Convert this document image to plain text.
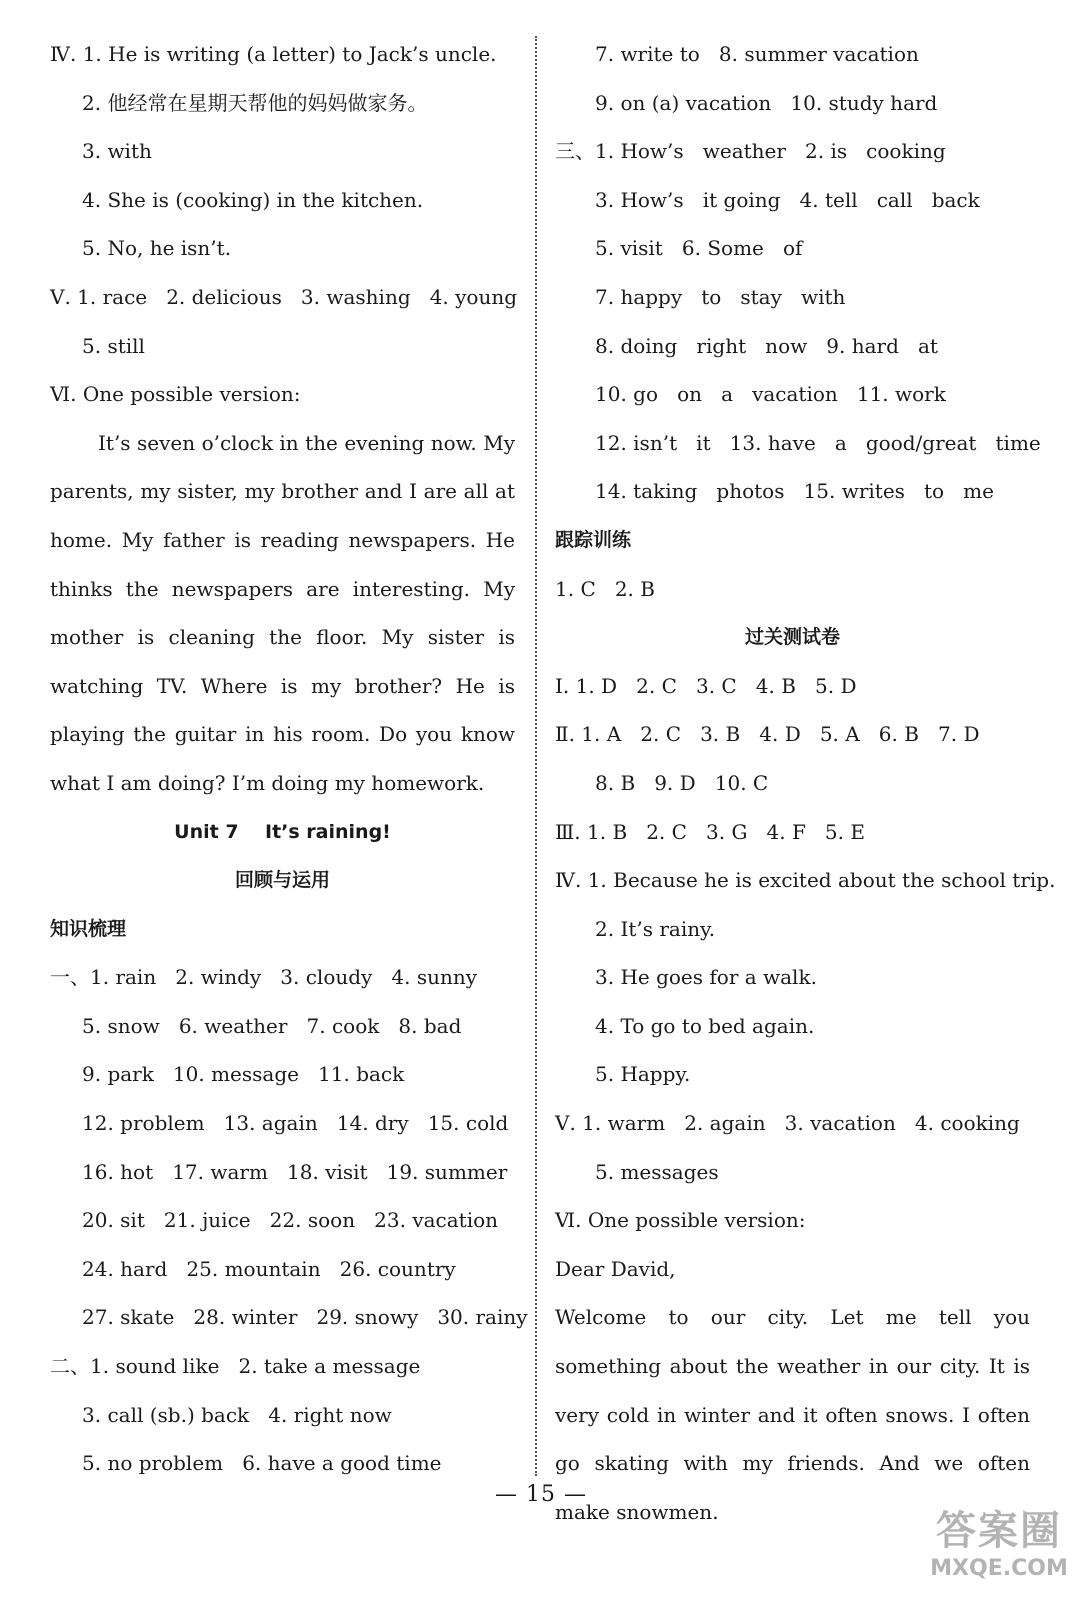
Ⅳ. 1. He is writing (a letter) to Jack’s uncle.
2. 他经常在星期天帮他的妈妈做家务。
3. with
4. She is (cooking) in the kitchen.
5. No, he isn’t.
Ⅴ. 1. race   2. delicious   3. washing   4. young
5. still
Ⅵ. One possible version:
It’s seven o’clock in the evening now. My parents, my sister, my brother and I are all at home. My father is reading newspapers. He thinks the newspapers are interesting. My mother is cleaning the floor. My sister is watching TV. Where is my brother? He is playing the guitar in his room. Do you know what I am doing? I’m doing my homework.
Unit 7    It’s raining!
回顾与运用
知识梳理
一、1. rain   2. windy   3. cloudy   4. sunny
5. snow   6. weather   7. cook   8. bad
9. park   10. message   11. back
12. problem   13. again   14. dry   15. cold
16. hot   17. warm   18. visit   19. summer
20. sit   21. juice   22. soon   23. vacation
24. hard   25. mountain   26. country
27. skate   28. winter   29. snowy   30. rainy
二、1. sound like   2. take a message
3. call (sb.) back   4. right now
5. no problem   6. have a good time
7. write to   8. summer vacation
9. on (a) vacation   10. study hard
三、1. How’s   weather   2. is   cooking
3. How’s   it going   4. tell   call   back
5. visit   6. Some   of
7. happy   to   stay   with
8. doing   right   now   9. hard   at
10. go   on   a   vacation   11. work
12. isn’t   it   13. have   a   good/great   time
14. taking   photos   15. writes   to   me
跟踪训练
1. C   2. B
过关测试卷
Ⅰ. 1. D   2. C   3. C   4. B   5. D
Ⅱ. 1. A   2. C   3. B   4. D   5. A   6. B   7. D
8. B   9. D   10. C
Ⅲ. 1. B   2. C   3. G   4. F   5. E
Ⅳ. 1. Because he is excited about the school trip.
2. It’s rainy.
3. He goes for a walk.
4. To go to bed again.
5. Happy.
Ⅴ. 1. warm   2. again   3. vacation   4. cooking
5. messages
Ⅵ. One possible version:
Dear David,
Welcome to our city. Let me tell you something about the weather in our city. It is very cold in winter and it often snows. I often go skating with my friends. And we often make snowmen.
— 15 —
答案圈
MXQE.COM
